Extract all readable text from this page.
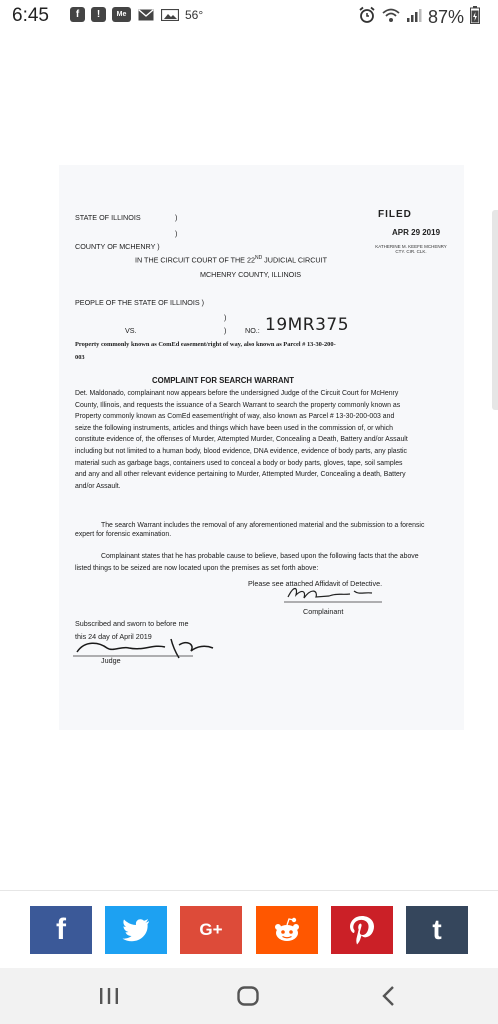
6:45	f	!	Me	56°	87%
STATE OF ILLINOIS	)
)
COUNTY OF MCHENRY )
FILED
APR 29 2019
KATHERINE M. KEEFE MCHENRY CTY. CIR. CLK.
IN THE CIRCUIT COURT OF THE 22ND JUDICIAL CIRCUIT
MCHENRY COUNTY, ILLINOIS
PEOPLE OF THE STATE OF ILLINOIS )
)
VS.	)	NO.: 19MR375
Property commonly known as ComEd easement/right of way, also known as Parcel # 13-30-200-
003
COMPLAINT FOR SEARCH WARRANT
Det. Maldonado, complainant now appears before the undersigned Judge of the Circuit Court for McHenry County, Illinois, and requests the issuance of a Search Warrant to search the property commonly known as Property commonly known as ComEd easement/right of way, also known as Parcel # 13-30-200-003 and seize the following instruments, articles and things which have been used in the commission of, or which constitute evidence of, the offenses of Murder, Attempted Murder, Concealing a Death, Battery and/or Assault including but not limited to a human body, blood evidence, DNA evidence, evidence of body parts, any plastic material such as garbage bags, containers used to conceal a body or body parts, gloves, tape, soil samples and any and all other relevant evidence pertaining to Murder, Attempted Murder, Concealing a death, Battery and/or Assault.
The search Warrant includes the removal of any aforementioned material and the submission to a forensic expert for forensic examination.
Complainant states that he has probable cause to believe, based upon the following facts that the above listed things to be seized are now located upon the premises as set forth above:
Please see attached Affidavit of Detective.
Complainant
Subscribed and sworn to before me
this 24 day of April 2019
Judge
f	G+	t
